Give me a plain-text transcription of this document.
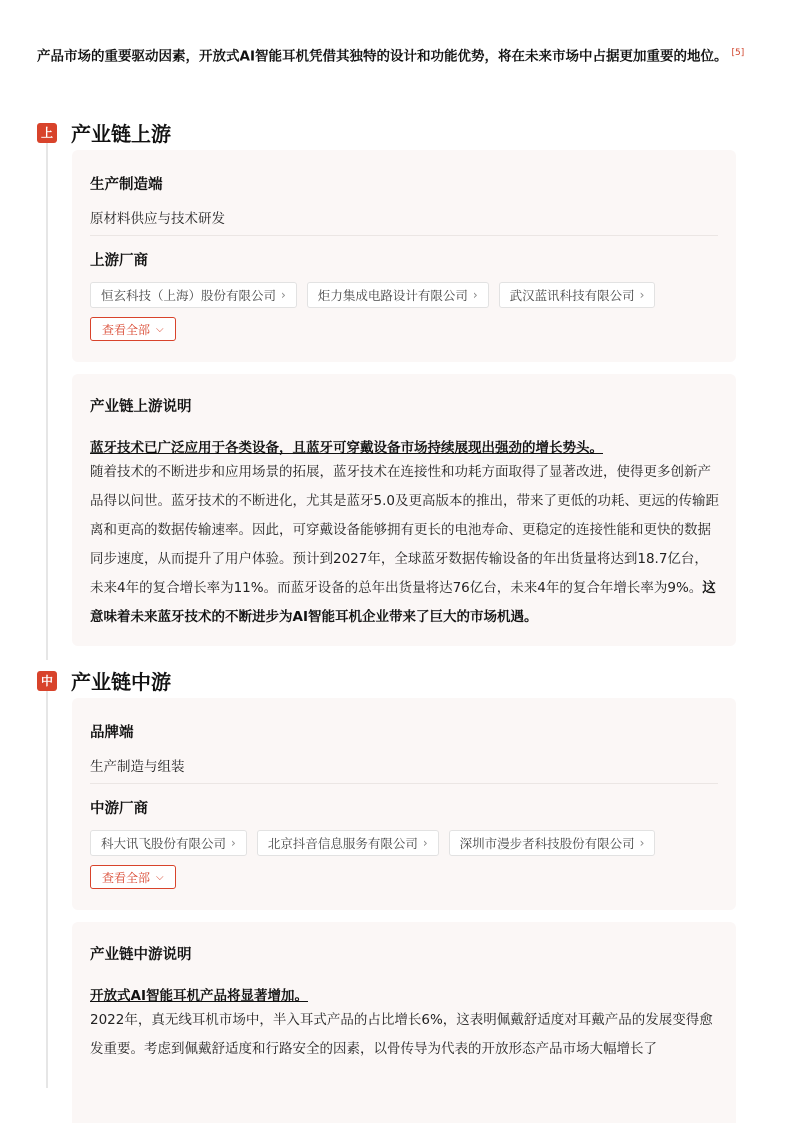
产品市场的重要驱动因素，开放式AI智能耳机凭借其独特的设计和功能优势，将在未来市场中占据更加重要的地位。 [5]
上 产业链上游
生产制造端
原材料供应与技术研发
上游厂商
恒玄科技（上海）股份有限公司 ›	炬力集成电路设计有限公司 ›	武汉蓝讯科技有限公司 ›
查看全部 ⌵
产业链上游说明
蓝牙技术已广泛应用于各类设备，且蓝牙可穿戴设备市场持续展现出强劲的增长势头。
随着技术的不断进步和应用场景的拓展，蓝牙技术在连接性和功耗方面取得了显著改进，使得更多创新产品得以问世。蓝牙技术的不断进化，尤其是蓝牙5.0及更高版本的推出，带来了更低的功耗、更远的传输距离和更高的数据传输速率。因此，可穿戴设备能够拥有更长的电池寿命、更稳定的连接性能和更快的数据同步速度，从而提升了用户体验。预计到2027年，全球蓝牙数据传输设备的年出货量将达到18.7亿台，未来4年的复合增长率为11%。而蓝牙设备的总年出货量将达76亿台，未来4年的复合年增长率为9%。这意味着未来蓝牙技术的不断进步为AI智能耳机企业带来了巨大的市场机遇。
中 产业链中游
品牌端
生产制造与组装
中游厂商
科大讯飞股份有限公司 ›	北京抖音信息服务有限公司 ›	深圳市漫步者科技股份有限公司 ›
查看全部 ⌵
产业链中游说明
开放式AI智能耳机产品将显著增加。
2022年，真无线耳机市场中，半入耳式产品的占比增长6%，这表明佩戴舒适度对耳戴产品的发展变得愈发重要。考虑到佩戴舒适度和行路安全的因素，以骨传导为代表的开放形态产品市场大幅增长了
